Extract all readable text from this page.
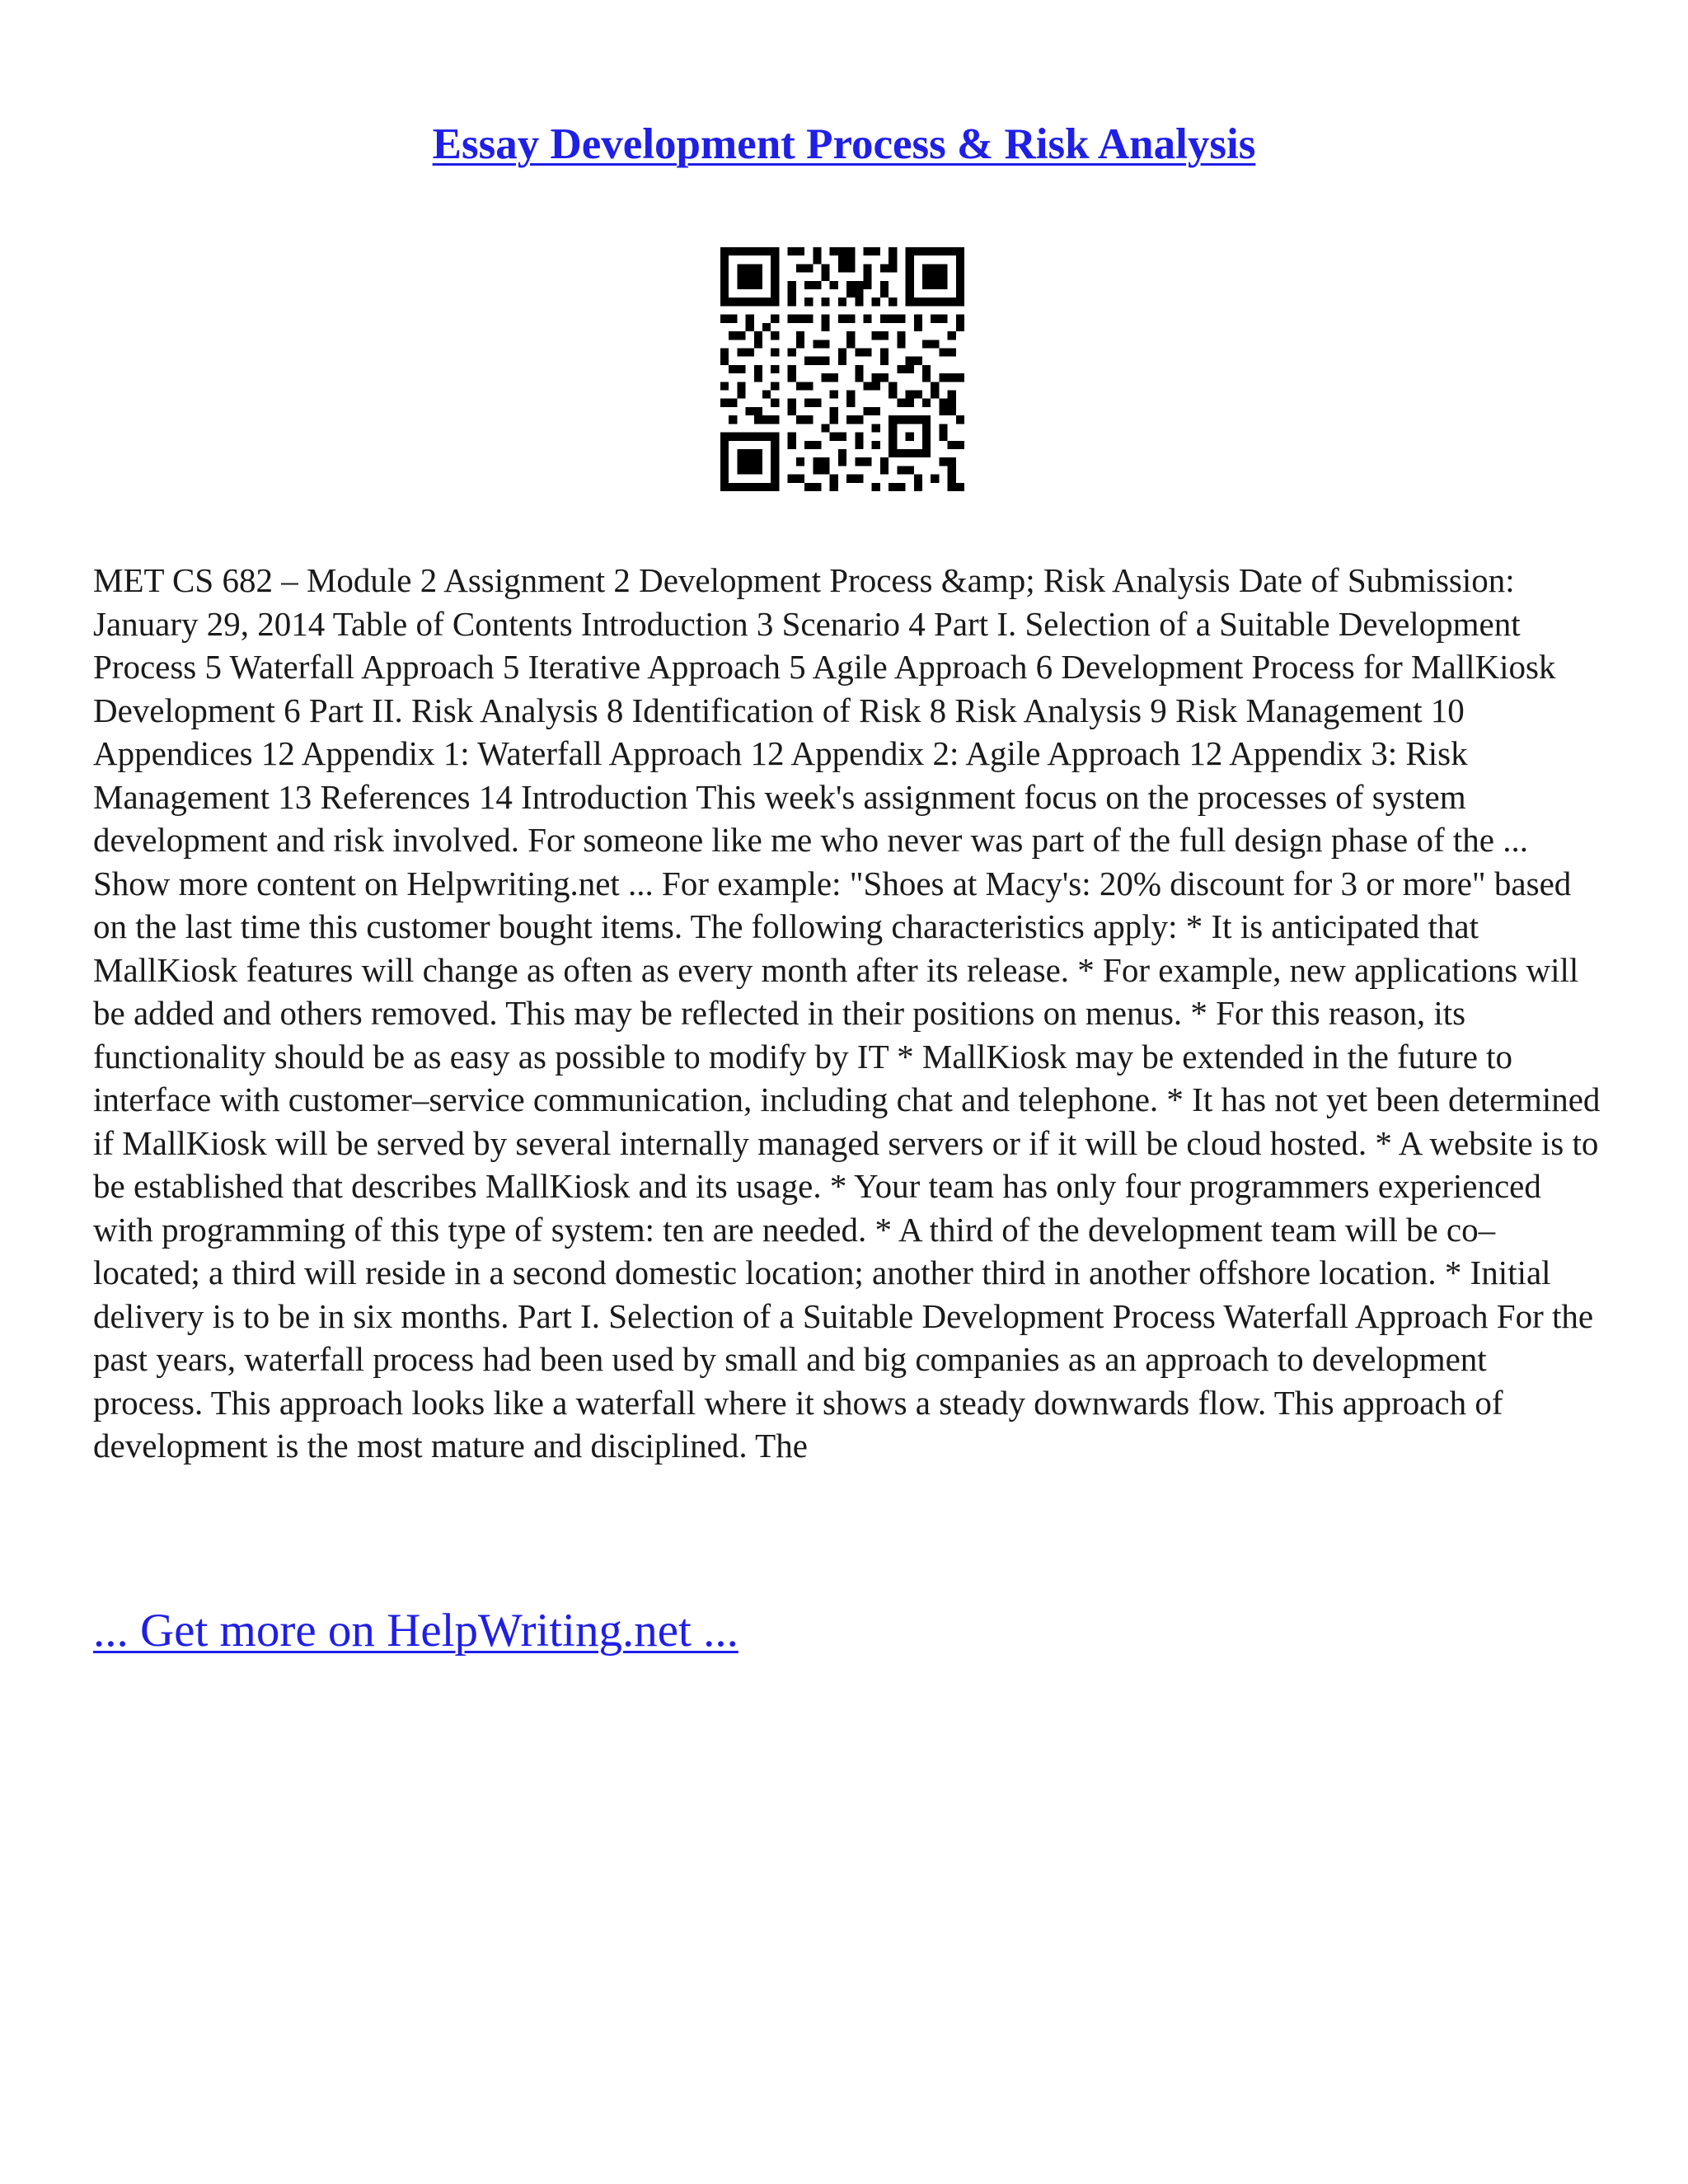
Essay Development Process & Risk Analysis

MET CS 682 – Module 2 Assignment 2 Development Process &amp; Risk Analysis Date of Submission: January 29, 2014 Table of Contents Introduction 3 Scenario 4 Part I. Selection of a Suitable Development Process 5 Waterfall Approach 5 Iterative Approach 5 Agile Approach 6 Development Process for MallKiosk Development 6 Part II. Risk Analysis 8 Identification of Risk 8 Risk Analysis 9 Risk Management 10 Appendices 12 Appendix 1: Waterfall Approach 12 Appendix 2: Agile Approach 12 Appendix 3: Risk Management 13 References 14 Introduction This week's assignment focus on the processes of system development and risk involved. For someone like me who never was part of the full design phase of the ... Show more content on Helpwriting.net ... For example: "Shoes at Macy's: 20% discount for 3 or more" based on the last time this customer bought items. The following characteristics apply: * It is anticipated that MallKiosk features will change as often as every month after its release. * For example, new applications will be added and others removed. This may be reflected in their positions on menus. * For this reason, its functionality should be as easy as possible to modify by IT * MallKiosk may be extended in the future to interface with customer–service communication, including chat and telephone. * It has not yet been determined if MallKiosk will be served by several internally managed servers or if it will be cloud hosted. * A website is to be established that describes MallKiosk and its usage. * Your team has only four programmers experienced with programming of this type of system: ten are needed. * A third of the development team will be co–located; a third will reside in a second domestic location; another third in another offshore location. * Initial delivery is to be in six months. Part I. Selection of a Suitable Development Process Waterfall Approach For the past years, waterfall process had been used by small and big companies as an approach to development process. This approach looks like a waterfall where it shows a steady downwards flow. This approach of development is the most mature and disciplined. The

... Get more on HelpWriting.net ...
